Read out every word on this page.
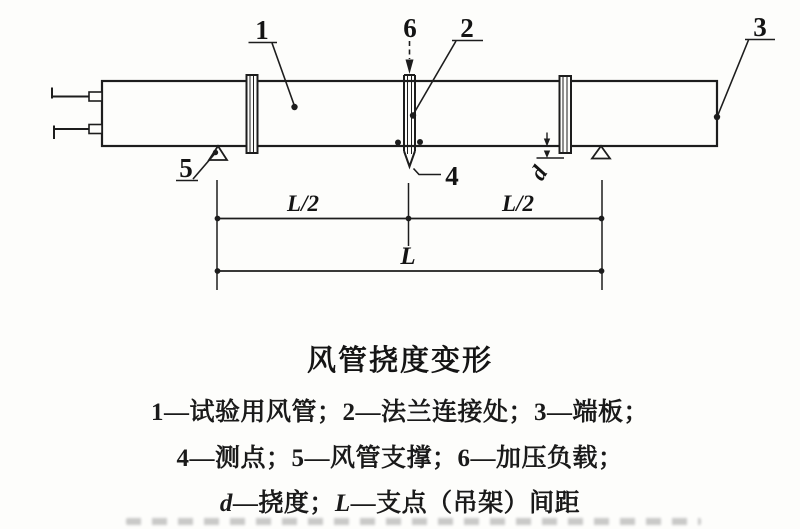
6
1	2	3
4
5	d
L/2	L/2
L
风管挠度变形
1—试验用风管；2—法兰连接处；3—端板；
4—测点；5—风管支撑；6—加压负载；
d—挠度；L—支点（吊架）间距
